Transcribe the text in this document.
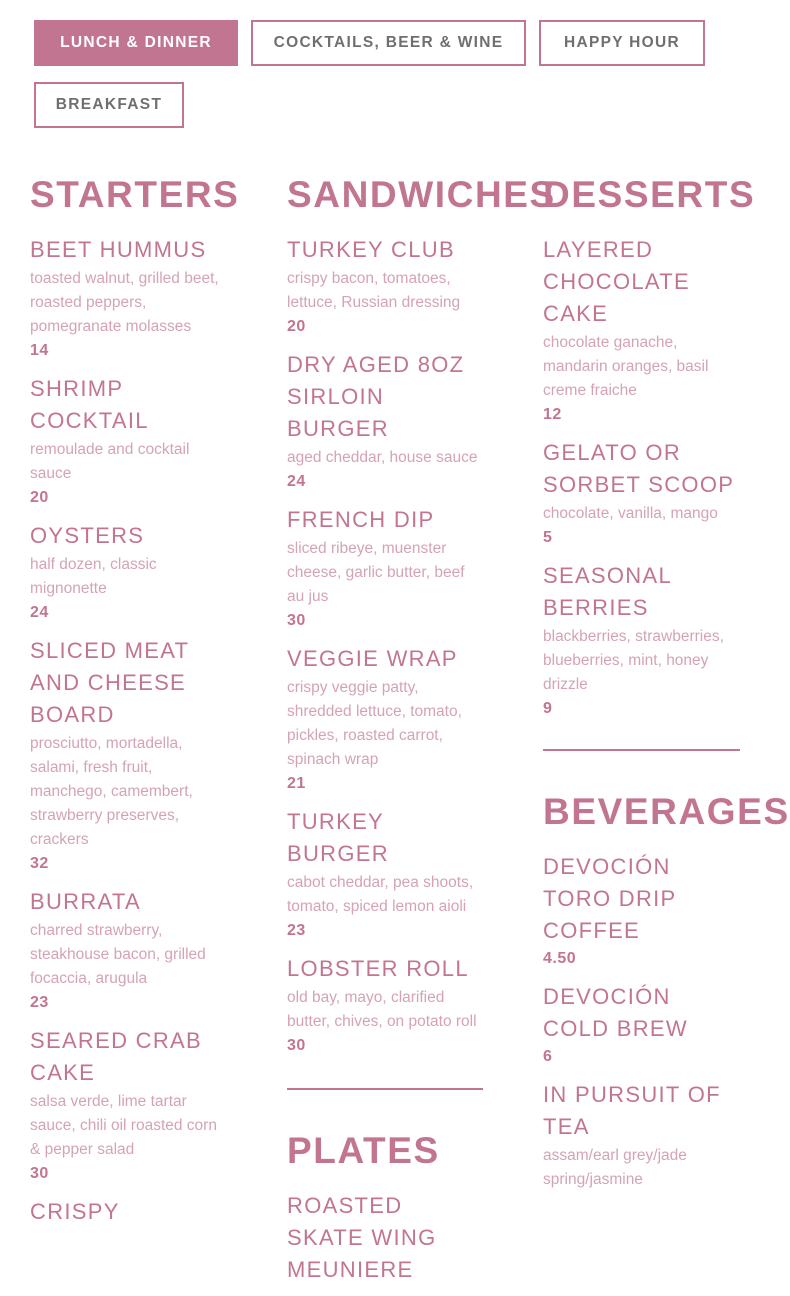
LUNCH & DINNER	COCKTAILS, BEER & WINE	HAPPY HOUR
BREAKFAST
STARTERS
BEET HUMMUS
toasted walnut, grilled beet, roasted peppers, pomegranate molasses
14
SHRIMP COCKTAIL
remoulade and cocktail sauce
20
OYSTERS
half dozen, classic mignonette
24
SLICED MEAT AND CHEESE BOARD
prosciutto, mortadella, salami, fresh fruit, manchego, camembert, strawberry preserves, crackers
32
BURRATA
charred strawberry, steakhouse bacon, grilled focaccia, arugula
23
SEARED CRAB CAKE
salsa verde, lime tartar sauce, chili oil roasted corn & pepper salad
30
CRISPY
SANDWICHES
TURKEY CLUB
crispy bacon, tomatoes, lettuce, Russian dressing
20
DRY AGED 8OZ SIRLOIN BURGER
aged cheddar, house sauce
24
FRENCH DIP
sliced ribeye, muenster cheese, garlic butter, beef au jus
30
VEGGIE WRAP
crispy veggie patty, shredded lettuce, tomato, pickles, roasted carrot, spinach wrap
21
TURKEY BURGER
cabot cheddar, pea shoots, tomato, spiced lemon aioli
23
LOBSTER ROLL
old bay, mayo, clarified butter, chives, on potato roll
30
PLATES
ROASTED SKATE WING MEUNIERE
DESSERTS
LAYERED CHOCOLATE CAKE
chocolate ganache, mandarin oranges, basil creme fraiche
12
GELATO OR SORBET SCOOP
chocolate, vanilla, mango
5
SEASONAL BERRIES
blackberries, strawberries, blueberries, mint, honey drizzle
9
BEVERAGES
DEVOCIÓN TORO DRIP COFFEE
4.50
DEVOCIÓN COLD BREW
6
IN PURSUIT OF TEA
assam/earl grey/jade spring/jasmine
